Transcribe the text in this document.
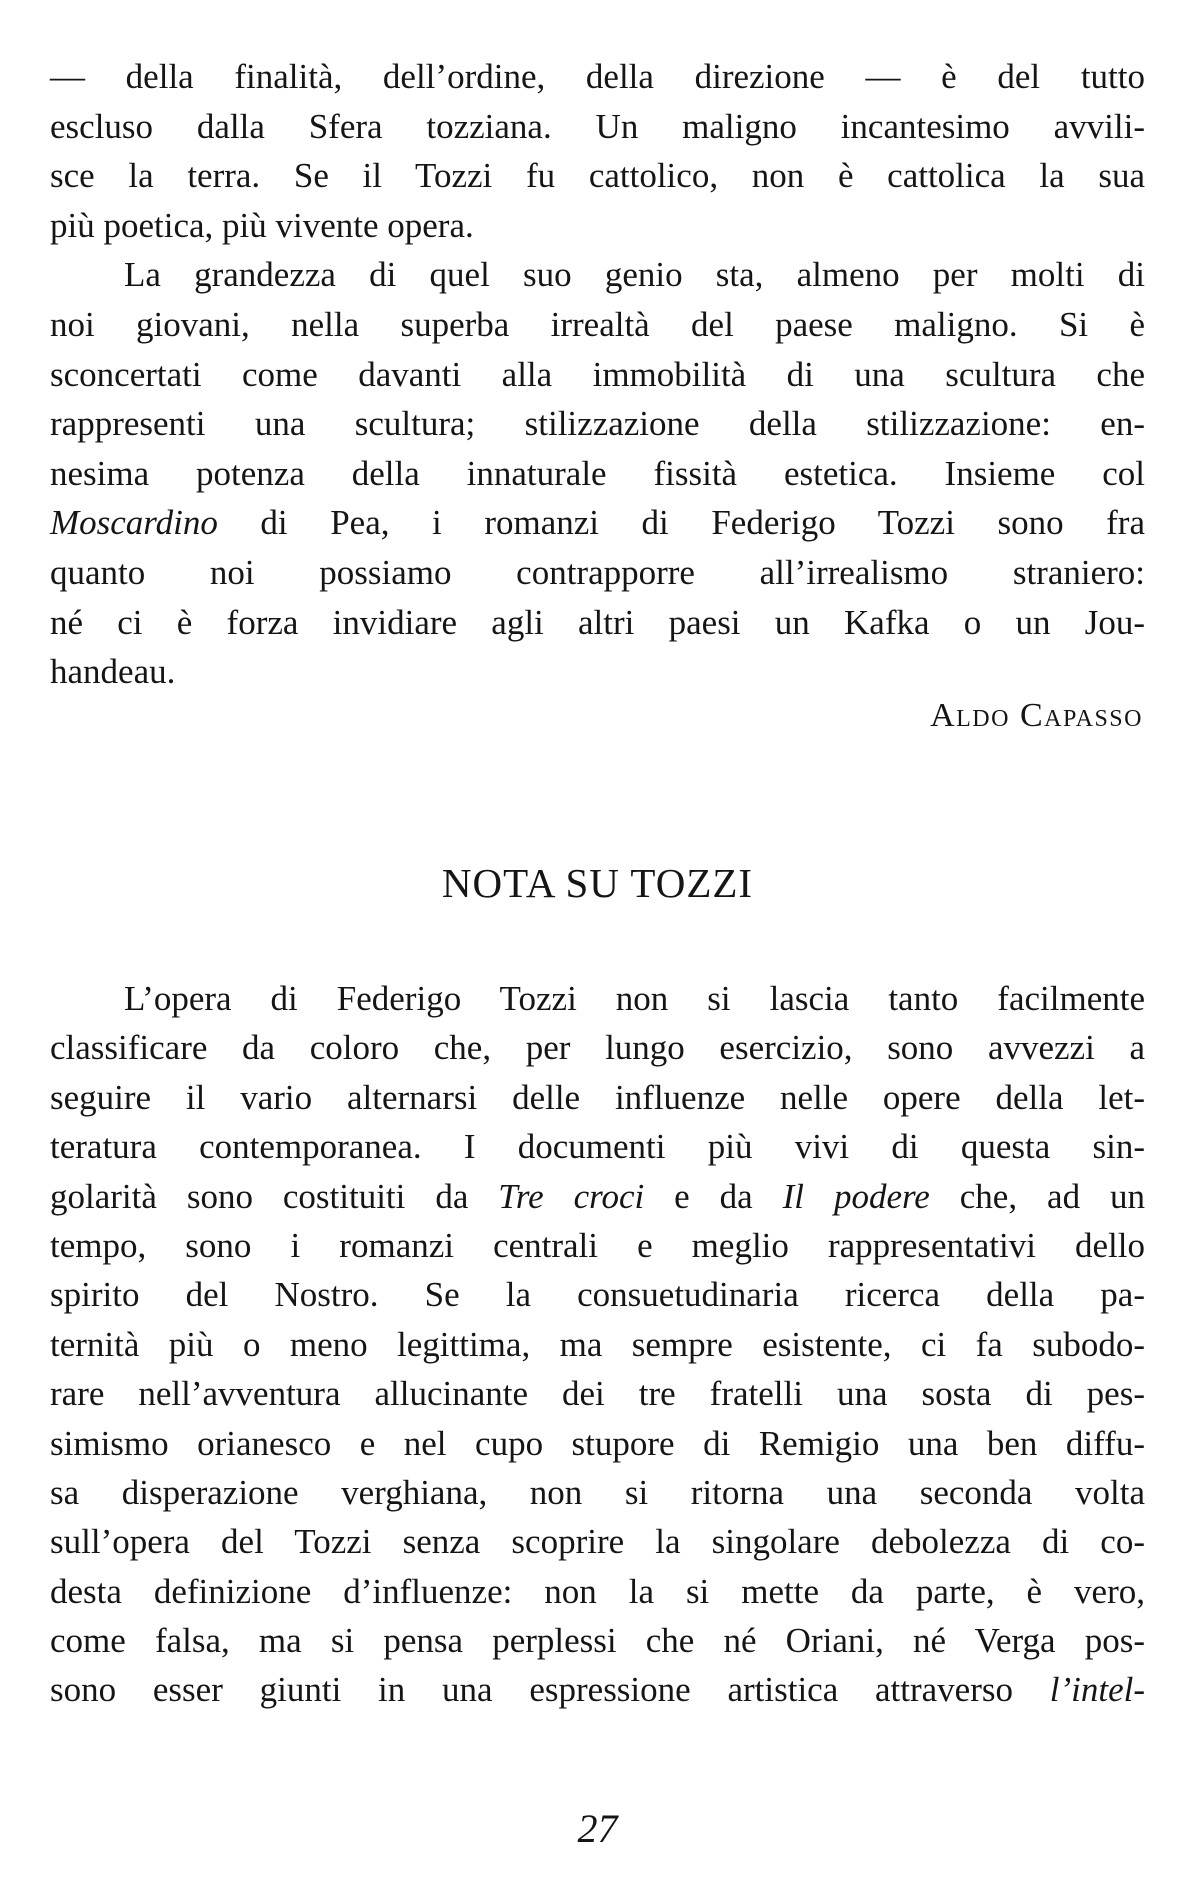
— della finalità, dell’ordine, della direzione — è del tutto
escluso dalla Sfera tozziana. Un maligno incantesimo avvili-
sce la terra. Se il Tozzi fu cattolico, non è cattolica la sua
più poetica, più vivente opera.
La grandezza di quel suo genio sta, almeno per molti di
noi giovani, nella superba irrealtà del paese maligno. Si è
sconcertati come davanti alla immobilità di una scultura che
rappresenti una scultura; stilizzazione della stilizzazione: en-
nesima potenza della innaturale fissità estetica. Insieme col
Moscardino di Pea, i romanzi di Federigo Tozzi sono fra
quanto noi possiamo contrapporre all’irrealismo straniero:
né ci è forza invidiare agli altri paesi un Kafka o un Jou-
handeau.
Aldo Capasso
NOTA SU TOZZI
L’opera di Federigo Tozzi non si lascia tanto facilmente
classificare da coloro che, per lungo esercizio, sono avvezzi a
seguire il vario alternarsi delle influenze nelle opere della let-
teratura contemporanea. I documenti più vivi di questa sin-
golarità sono costituiti da Tre croci e da Il podere che, ad un
tempo, sono i romanzi centrali e meglio rappresentativi dello
spirito del Nostro. Se la consuetudinaria ricerca della pa-
ternità più o meno legittima, ma sempre esistente, ci fa subodo-
rare nell’avventura allucinante dei tre fratelli una sosta di pes-
simismo orianesco e nel cupo stupore di Remigio una ben diffu-
sa disperazione verghiana, non si ritorna una seconda volta
sull’opera del Tozzi senza scoprire la singolare debolezza di co-
desta definizione d’influenze: non la si mette da parte, è vero,
come falsa, ma si pensa perplessi che né Oriani, né Verga pos-
sono esser giunti in una espressione artistica attraverso l’intel-
27
